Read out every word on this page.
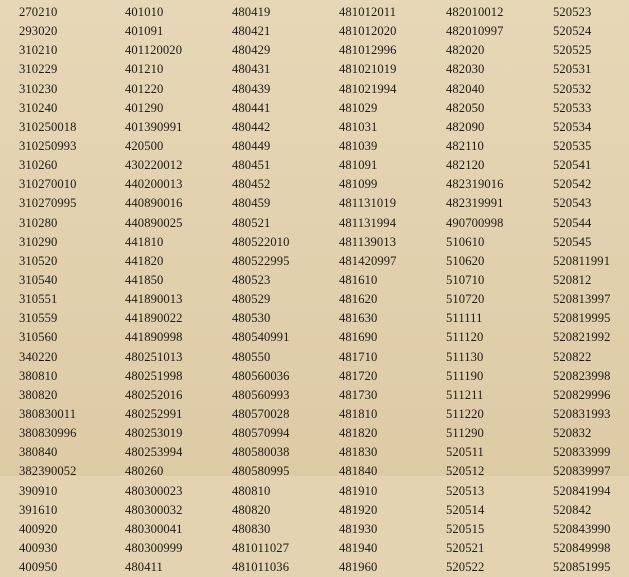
270210
293020
310210
310229
310230
310240
310250018
310250993
310260
310270010
310270995
310280
310290
310520
310540
310551
310559
310560
340220
380810
380820
380830011
380830996
380840
382390052
390910
391610
400920
400930
400950
401010
401091
401120020
401210
401220
401290
401390991
420500
430220012
440200013
440890016
440890025
441810
441820
441850
441890013
441890022
441890998
480251013
480251998
480252016
480252991
480253019
480253994
480260
480300023
480300032
480300041
480300999
480411
480419
480421
480429
480431
480439
480441
480442
480449
480451
480452
480459
480521
480522010
480522995
480523
480529
480530
480540991
480550
480560036
480560993
480570028
480570994
480580038
480580995
480810
480820
480830
481011027
481011036
481012011
481012020
481012996
481021019
481021994
481029
481031
481039
481091
481099
481131019
481131994
481139013
481420997
481610
481620
481630
481690
481710
481720
481730
481810
481820
481830
481840
481910
481920
481930
481940
481960
482010012
482010997
482020
482030
482040
482050
482090
482110
482120
482319016
482319991
490700998
510610
510620
510710
510720
511111
511120
511130
511190
511211
511220
511290
520511
520512
520513
520514
520515
520521
520522
520523
520524
520525
520531
520532
520533
520534
520535
520541
520542
520543
520544
520545
520811991
520812
520813997
520819995
520821992
520822
520823998
520829996
520831993
520832
520833999
520839997
520841994
520842
520843990
520849998
520851995
